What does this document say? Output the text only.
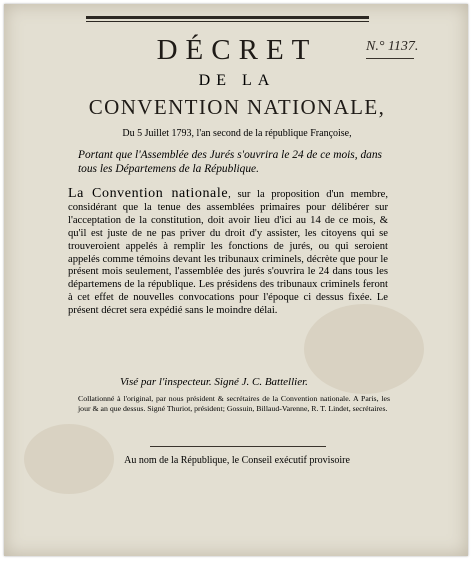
DÉCRET	N.° 1137.
DE LA
CONVENTION NATIONALE,
Du 5 Juillet 1793, l'an second de la république Françoise,
Portant que l'Assemblée des Jurés s'ouvrira le 24 de ce mois, dans tous les Départemens de la République.
La Convention nationale, sur la proposition d'un membre, considérant que la tenue des assemblées primaires pour délibérer sur l'acceptation de la constitution, doit avoir lieu d'ici au 14 de ce mois, & qu'il est juste de ne pas priver du droit d'y assister, les citoyens qui se trouveroient appelés à remplir les fonctions de jurés, ou qui seroient appelés comme témoins devant les tribunaux criminels, décrète que pour le présent mois seulement, l'assemblée des jurés s'ouvrira le 24 dans tous les départemens de la république. Les présidens des tribunaux criminels feront à cet effet de nouvelles convocations pour l'époque ci dessus fixée. Le présent décret sera expédié sans le moindre délai.
Visé par l'inspecteur. Signé J. C. Battellier.
Collationné à l'original, par nous président & secrétaires de la Convention nationale. A Paris, les jour & an que dessus. Signé Thuriot, président; Gossuin, Billaud-Varenne, R. T. Lindet, secrétaires.
Au nom de la République, le Conseil exécutif provisoire
